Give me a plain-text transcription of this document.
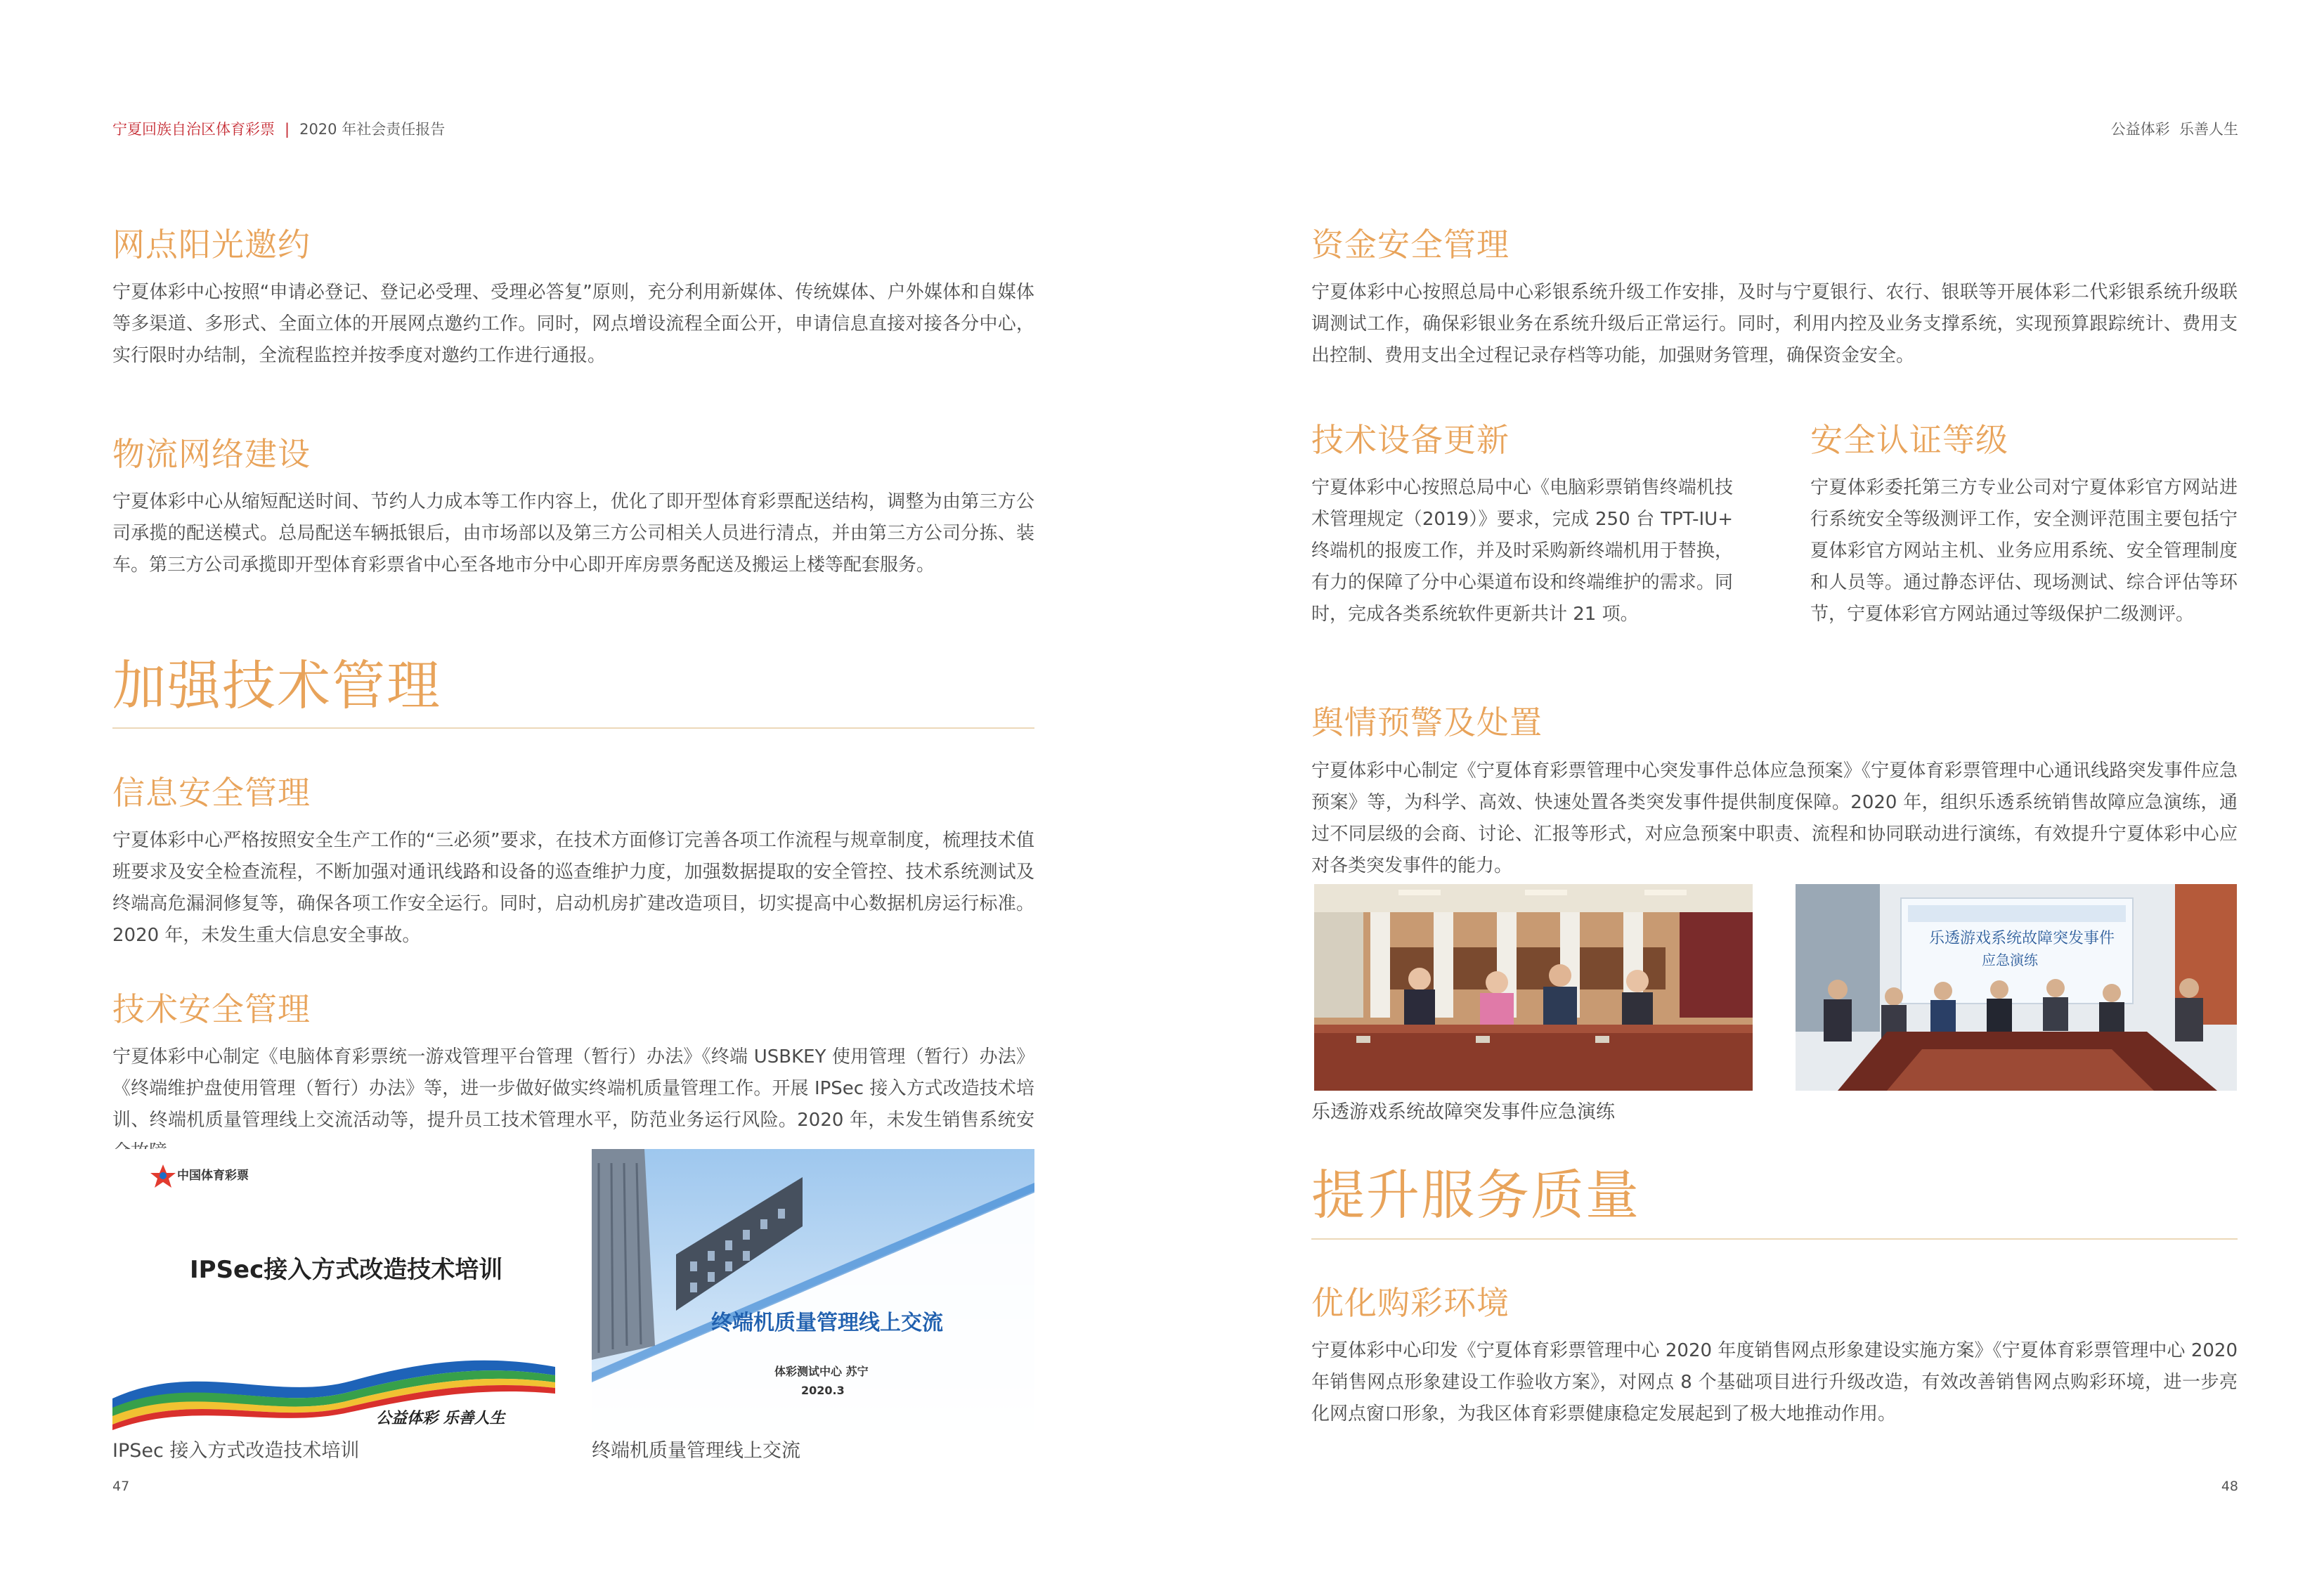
宁夏回族自治区体育彩票 | 2020 年社会责任报告	公益体彩  乐善人生
网点阳光邀约
宁夏体彩中心按照“申请必登记、登记必受理、受理必答复”原则，充分利用新媒体、传统媒体、户外媒体和自媒体等多渠道、多形式、全面立体的开展网点邀约工作。同时，网点增设流程全面公开，申请信息直接对接各分中心，实行限时办结制，全流程监控并按季度对邀约工作进行通报。
物流网络建设
宁夏体彩中心从缩短配送时间、节约人力成本等工作内容上，优化了即开型体育彩票配送结构，调整为由第三方公司承揽的配送模式。总局配送车辆抵银后，由市场部以及第三方公司相关人员进行清点，并由第三方公司分拣、装车。第三方公司承揽即开型体育彩票省中心至各地市分中心即开库房票务配送及搬运上楼等配套服务。
加强技术管理
信息安全管理
宁夏体彩中心严格按照安全生产工作的“三必须”要求，在技术方面修订完善各项工作流程与规章制度，梳理技术值班要求及安全检查流程，不断加强对通讯线路和设备的巡查维护力度，加强数据提取的安全管控、技术系统测试及终端高危漏洞修复等，确保各项工作安全运行。同时，启动机房扩建改造项目，切实提高中心数据机房运行标准。2020 年，未发生重大信息安全事故。
技术安全管理
宁夏体彩中心制定《电脑体育彩票统一游戏管理平台管理（暂行）办法》《终端 USBKEY 使用管理（暂行）办法》《终端维护盘使用管理（暂行）办法》等，进一步做好做实终端机质量管理工作。开展 IPSec 接入方式改造技术培训、终端机质量管理线上交流活动等，提升员工技术管理水平，防范业务运行风险。2020 年，未发生销售系统安
中国体育彩票
IPSec接入方式改造技术培训
公益体彩 乐善人生
IPSec 接入方式改造技术培训
终端机质量管理线上交流
体彩测试中心 苏宁
2020.3
终端机质量管理线上交流
47
资金安全管理
宁夏体彩中心按照总局中心彩银系统升级工作安排，及时与宁夏银行、农行、银联等开展体彩二代彩银系统升级联调测试工作，确保彩银业务在系统升级后正常运行。同时，利用内控及业务支撑系统，实现预算跟踪统计、费用支出控制、费用支出全过程记录存档等功能，加强财务管理，确保资金安全。
技术设备更新
宁夏体彩中心按照总局中心《电脑彩票销售终端机技术管理规定（2019）》要求，完成 250 台 TPT-IU+ 终端机的报废工作，并及时采购新终端机用于替换，有力的保障了分中心渠道布设和终端维护的需求。同时，完成各类系统软件更新共计 21 项。
安全认证等级
宁夏体彩委托第三方专业公司对宁夏体彩官方网站进行系统安全等级测评工作，安全测评范围主要包括宁夏体彩官方网站主机、业务应用系统、安全管理制度和人员等。通过静态评估、现场测试、综合评估等环节，宁夏体彩官方网站通过等级保护二级测评。
舆情预警及处置
宁夏体彩中心制定《宁夏体育彩票管理中心突发事件总体应急预案》《宁夏体育彩票管理中心通讯线路突发事件应急预案》等，为科学、高效、快速处置各类突发事件提供制度保障。2020 年，组织乐透系统销售故障应急演练，通过不同层级的会商、讨论、汇报等形式，对应急预案中职责、流程和协同联动进行演练，有效提升宁夏体彩中心应对各类突发事件的能力。
乐透游戏系统故障突发事件
应急演练
乐透游戏系统故障突发事件应急演练
提升服务质量
优化购彩环境
宁夏体彩中心印发《宁夏体育彩票管理中心 2020 年度销售网点形象建设实施方案》《宁夏体育彩票管理中心 2020 年销售网点形象建设工作验收方案》，对网点 8 个基础项目进行升级改造，有效改善销售网点购彩环境，进一步亮化网点窗口形象，为我区体育彩票健康稳定发展起到了极大地推动作用。
48
